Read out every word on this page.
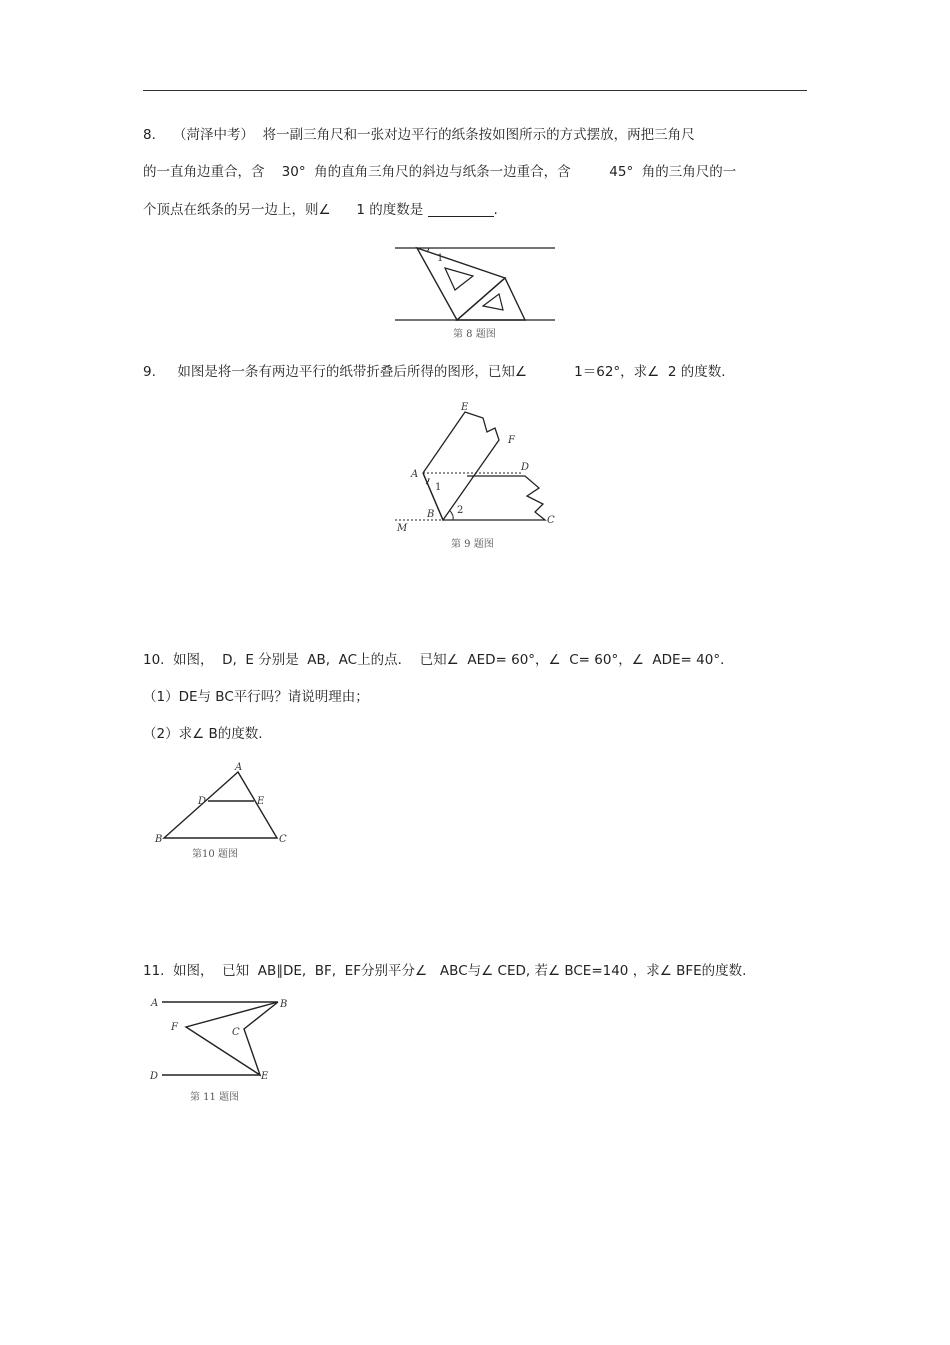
8.    （菏泽中考）  将一副三角尺和一张对边平行的纸条按如图所示的方式摆放，两把三角尺
的一直角边重合，含    30°  角的直角三角尺的斜边与纸条一边重合，含         45°  角的三角尺的一
个顶点在纸条的另一边上，则∠      1 的度数是	.
1
第 8 题图
9.     如图是将一条有两边平行的纸带折叠后所得的图形，已知∠           1＝62°，求∠  2 的度数.
E
F
A
D
B
C
M
1
2
第 9 题图
10.  如图，  D,  E 分别是  AB,  AC上的点．  已知∠  AED= 60°，∠  C= 60°，∠  ADE= 40°．
（1）DE与 BC平行吗？请说明理由；
（2）求∠ B的度数.
A
D	E
B	C
第10 题图
11.  如图，  已知  AB∥DE,  BF,  EF分别平分∠   ABC与∠ CED, 若∠ BCE=140 ，求∠ BFE的度数.
A	B
F	C
D	E
第 11 题图
